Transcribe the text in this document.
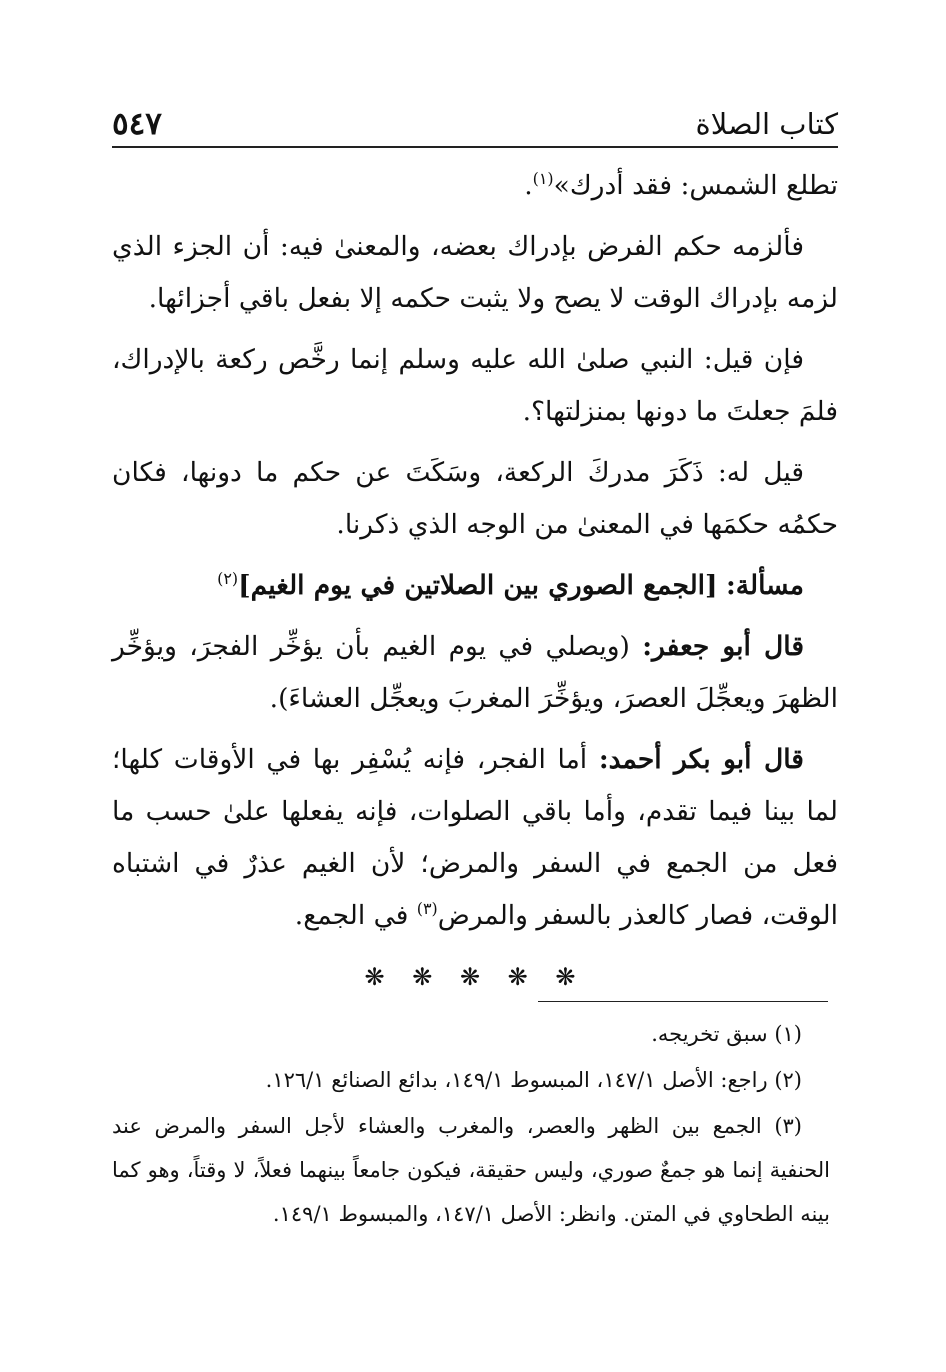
كتاب الصلاة
٥٤٧

تطلع الشمس: فقد أدرك»$^{(١)}$.

فألزمه حكم الفرض بإدراك بعضه، والمعنىٰ فيه: أن الجزء الذي لزمه بإدراك الوقت لا يصح ولا يثبت حكمه إلا بفعل باقي أجزائها.

فإن قيل: النبي صلىٰ الله عليه وسلم إنما رخَّص ركعة بالإدراك، فلمَ جعلتَ ما دونها بمنزلتها؟.

قيل له: ذَكَرَ مدركَ الركعة، وسَكَتَ عن حكم ما دونها، فكان حكمُه حكمَها في المعنىٰ من الوجه الذي ذكرنا.

مسألة: [الجمع الصوري بين الصلاتين في يوم الغيم]$^{(٢)}$

قال أبو جعفر: (ويصلي في يوم الغيم بأن يؤخِّر الفجرَ، ويؤخِّر الظهرَ ويعجِّلَ العصرَ، ويؤخِّرَ المغربَ ويعجِّل العشاءَ).

قال أبو بكر أحمد: أما الفجر، فإنه يُسْفِر بها في الأوقات كلها؛ لما بينا فيما تقدم، وأما باقي الصلوات، فإنه يفعلها علىٰ حسب ما فعل من الجمع في السفر والمرض؛ لأن الغيم عذرٌ في اشتباه الوقت، فصار كالعذر بالسفر والمرض$^{(٣)}$ في الجمع.

❋ ❋ ❋ ❋ ❋

(١) سبق تخريجه.

(٢) راجع: الأصل ١٤٧/١، المبسوط ١٤٩/١، بدائع الصنائع ١٢٦/١.

(٣) الجمع بين الظهر والعصر، والمغرب والعشاء لأجل السفر والمرض عند الحنفية إنما هو جمعٌ صوري، وليس حقيقة، فيكون جامعاً بينهما فعلاً، لا وقتاً، وهو كما بينه الطحاوي في المتن. وانظر: الأصل ١٤٧/١، والمبسوط ١٤٩/١.
